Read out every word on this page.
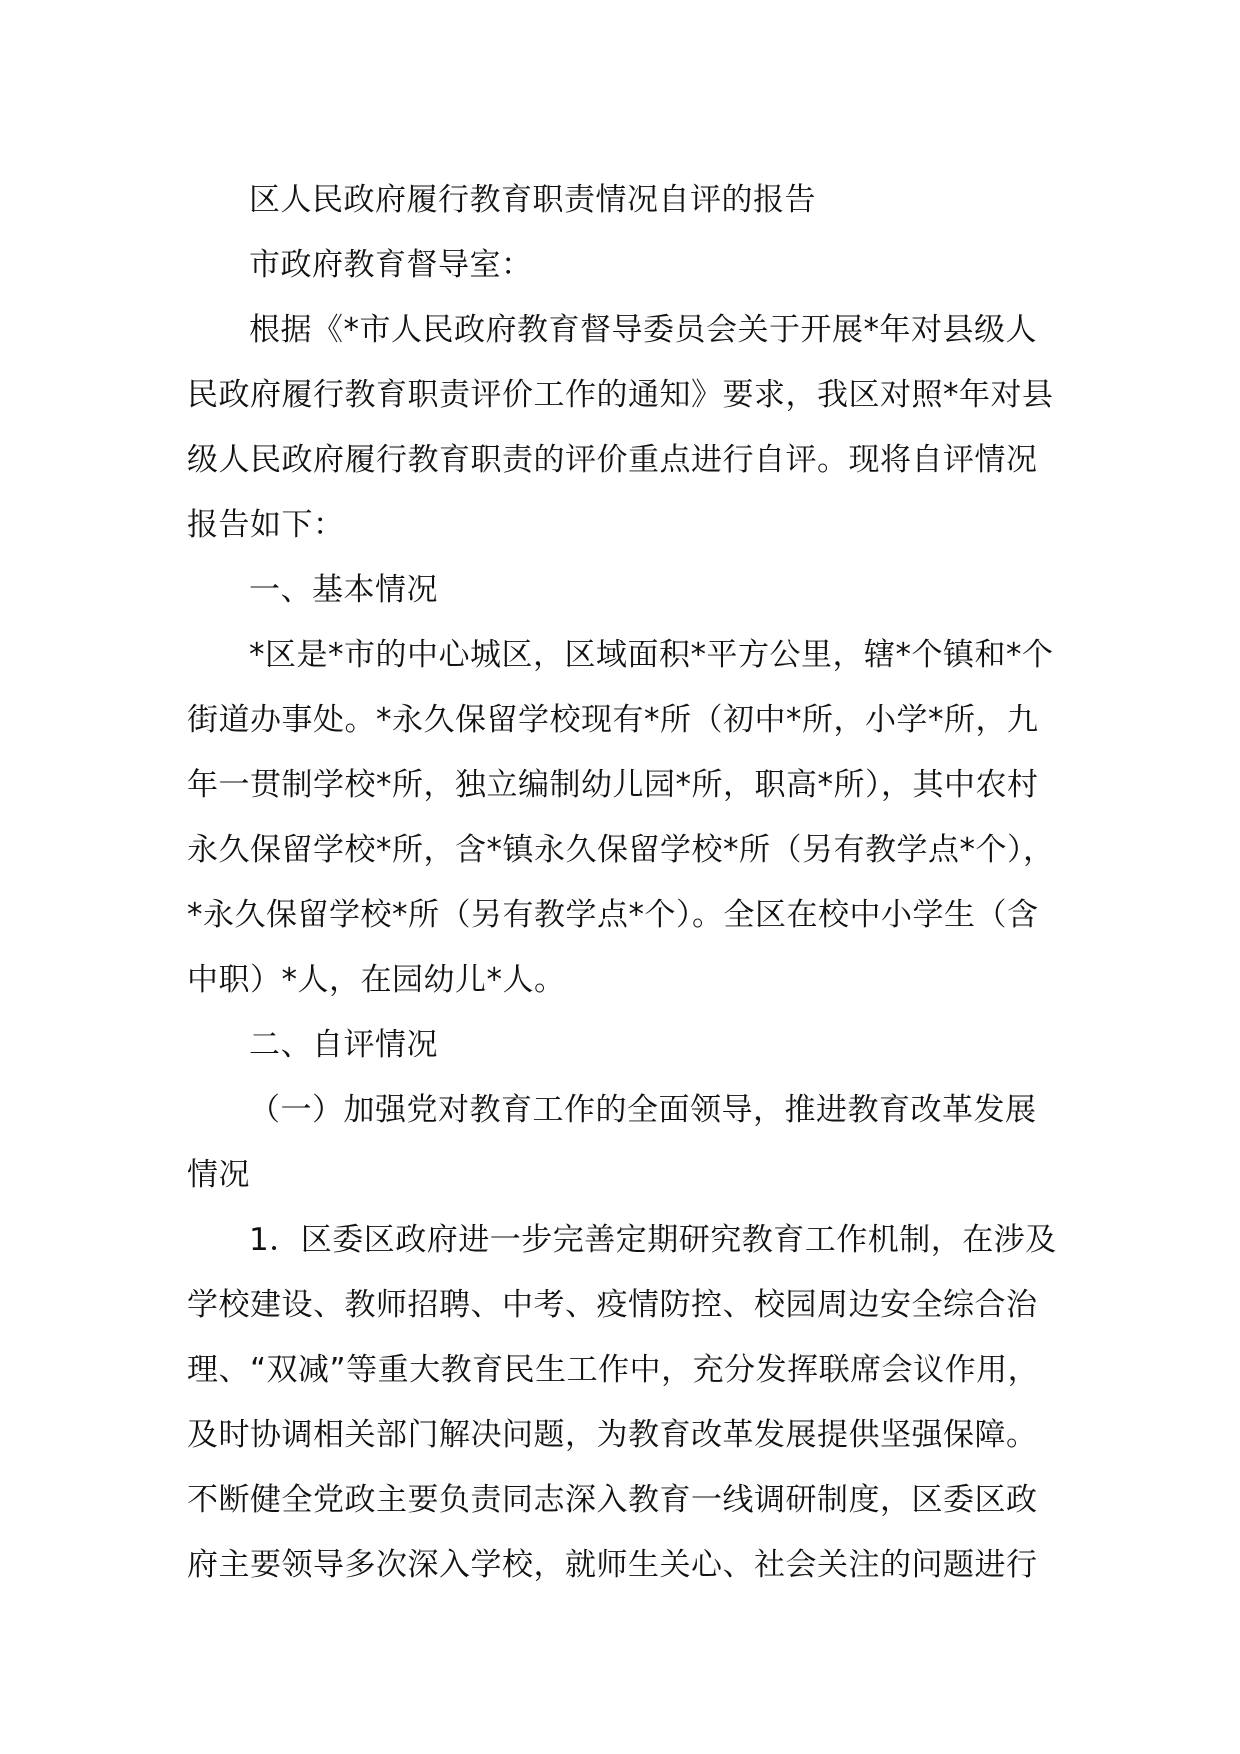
区人民政府履行教育职责情况自评的报告
市政府教育督导室：
根据《*市人民政府教育督导委员会关于开展*年对县级人
民政府履行教育职责评价工作的通知》要求，我区对照*年对县
级人民政府履行教育职责的评价重点进行自评。现将自评情况
报告如下：
一、基本情况
*区是*市的中心城区，区域面积*平方公里，辖*个镇和*个
街道办事处。*永久保留学校现有*所（初中*所，小学*所，九
年一贯制学校*所，独立编制幼儿园*所，职高*所），其中农村
永久保留学校*所，含*镇永久保留学校*所（另有教学点*个），
*永久保留学校*所（另有教学点*个）。全区在校中小学生（含
中职）*人，在园幼儿*人。
二、自评情况
（一）加强党对教育工作的全面领导，推进教育改革发展
情况
1．区委区政府进一步完善定期研究教育工作机制，在涉及
学校建设、教师招聘、中考、疫情防控、校园周边安全综合治
理、“双减”等重大教育民生工作中，充分发挥联席会议作用，
及时协调相关部门解决问题，为教育改革发展提供坚强保障。
不断健全党政主要负责同志深入教育一线调研制度，区委区政
府主要领导多次深入学校，就师生关心、社会关注的问题进行
